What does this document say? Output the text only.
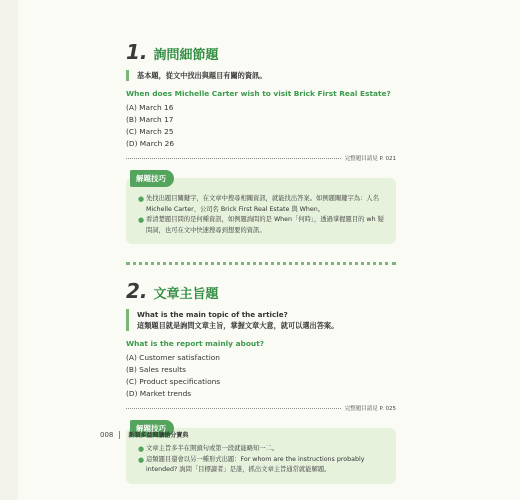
1. 詢問細節題
基本題，從文中找出與題目有關的資訊。
When does Michelle Carter wish to visit Brick First Real Estate?
(A) March 16
(B) March 17
(C) March 25
(D) March 26
完整題目請見 P. 021
解題技巧
● 先找出題目關鍵字，在文章中搜尋相關資訊，就能找出答案。如例題關鍵字為：人名 Michelle Carter、公司名 Brick First Real Estate 與 When。
● 看清楚題目問的是何種資訊，如例題詢問的是 When「何時」，透過掌握題目的 wh 疑問詞，也可在文中快速搜尋到想要的資訊。
2. 文章主旨題
What is the main topic of the article?
這類題目就是詢問文章主旨，掌握文章大意，就可以選出答案。
What is the report mainly about?
(A) Customer satisfaction
(B) Sales results
(C) Product specifications
(D) Market trends
完整題目請見 P. 025
解題技巧
● 文章主旨多半在開頭句或第一段就能略知一二。
● 這類題目還會以另一種形式出題：For whom are the instructions probably intended? 詢問「目標讀者」是誰，抓出文章主旨通常就能解題。
008	新制多益閱讀搶分寶典
